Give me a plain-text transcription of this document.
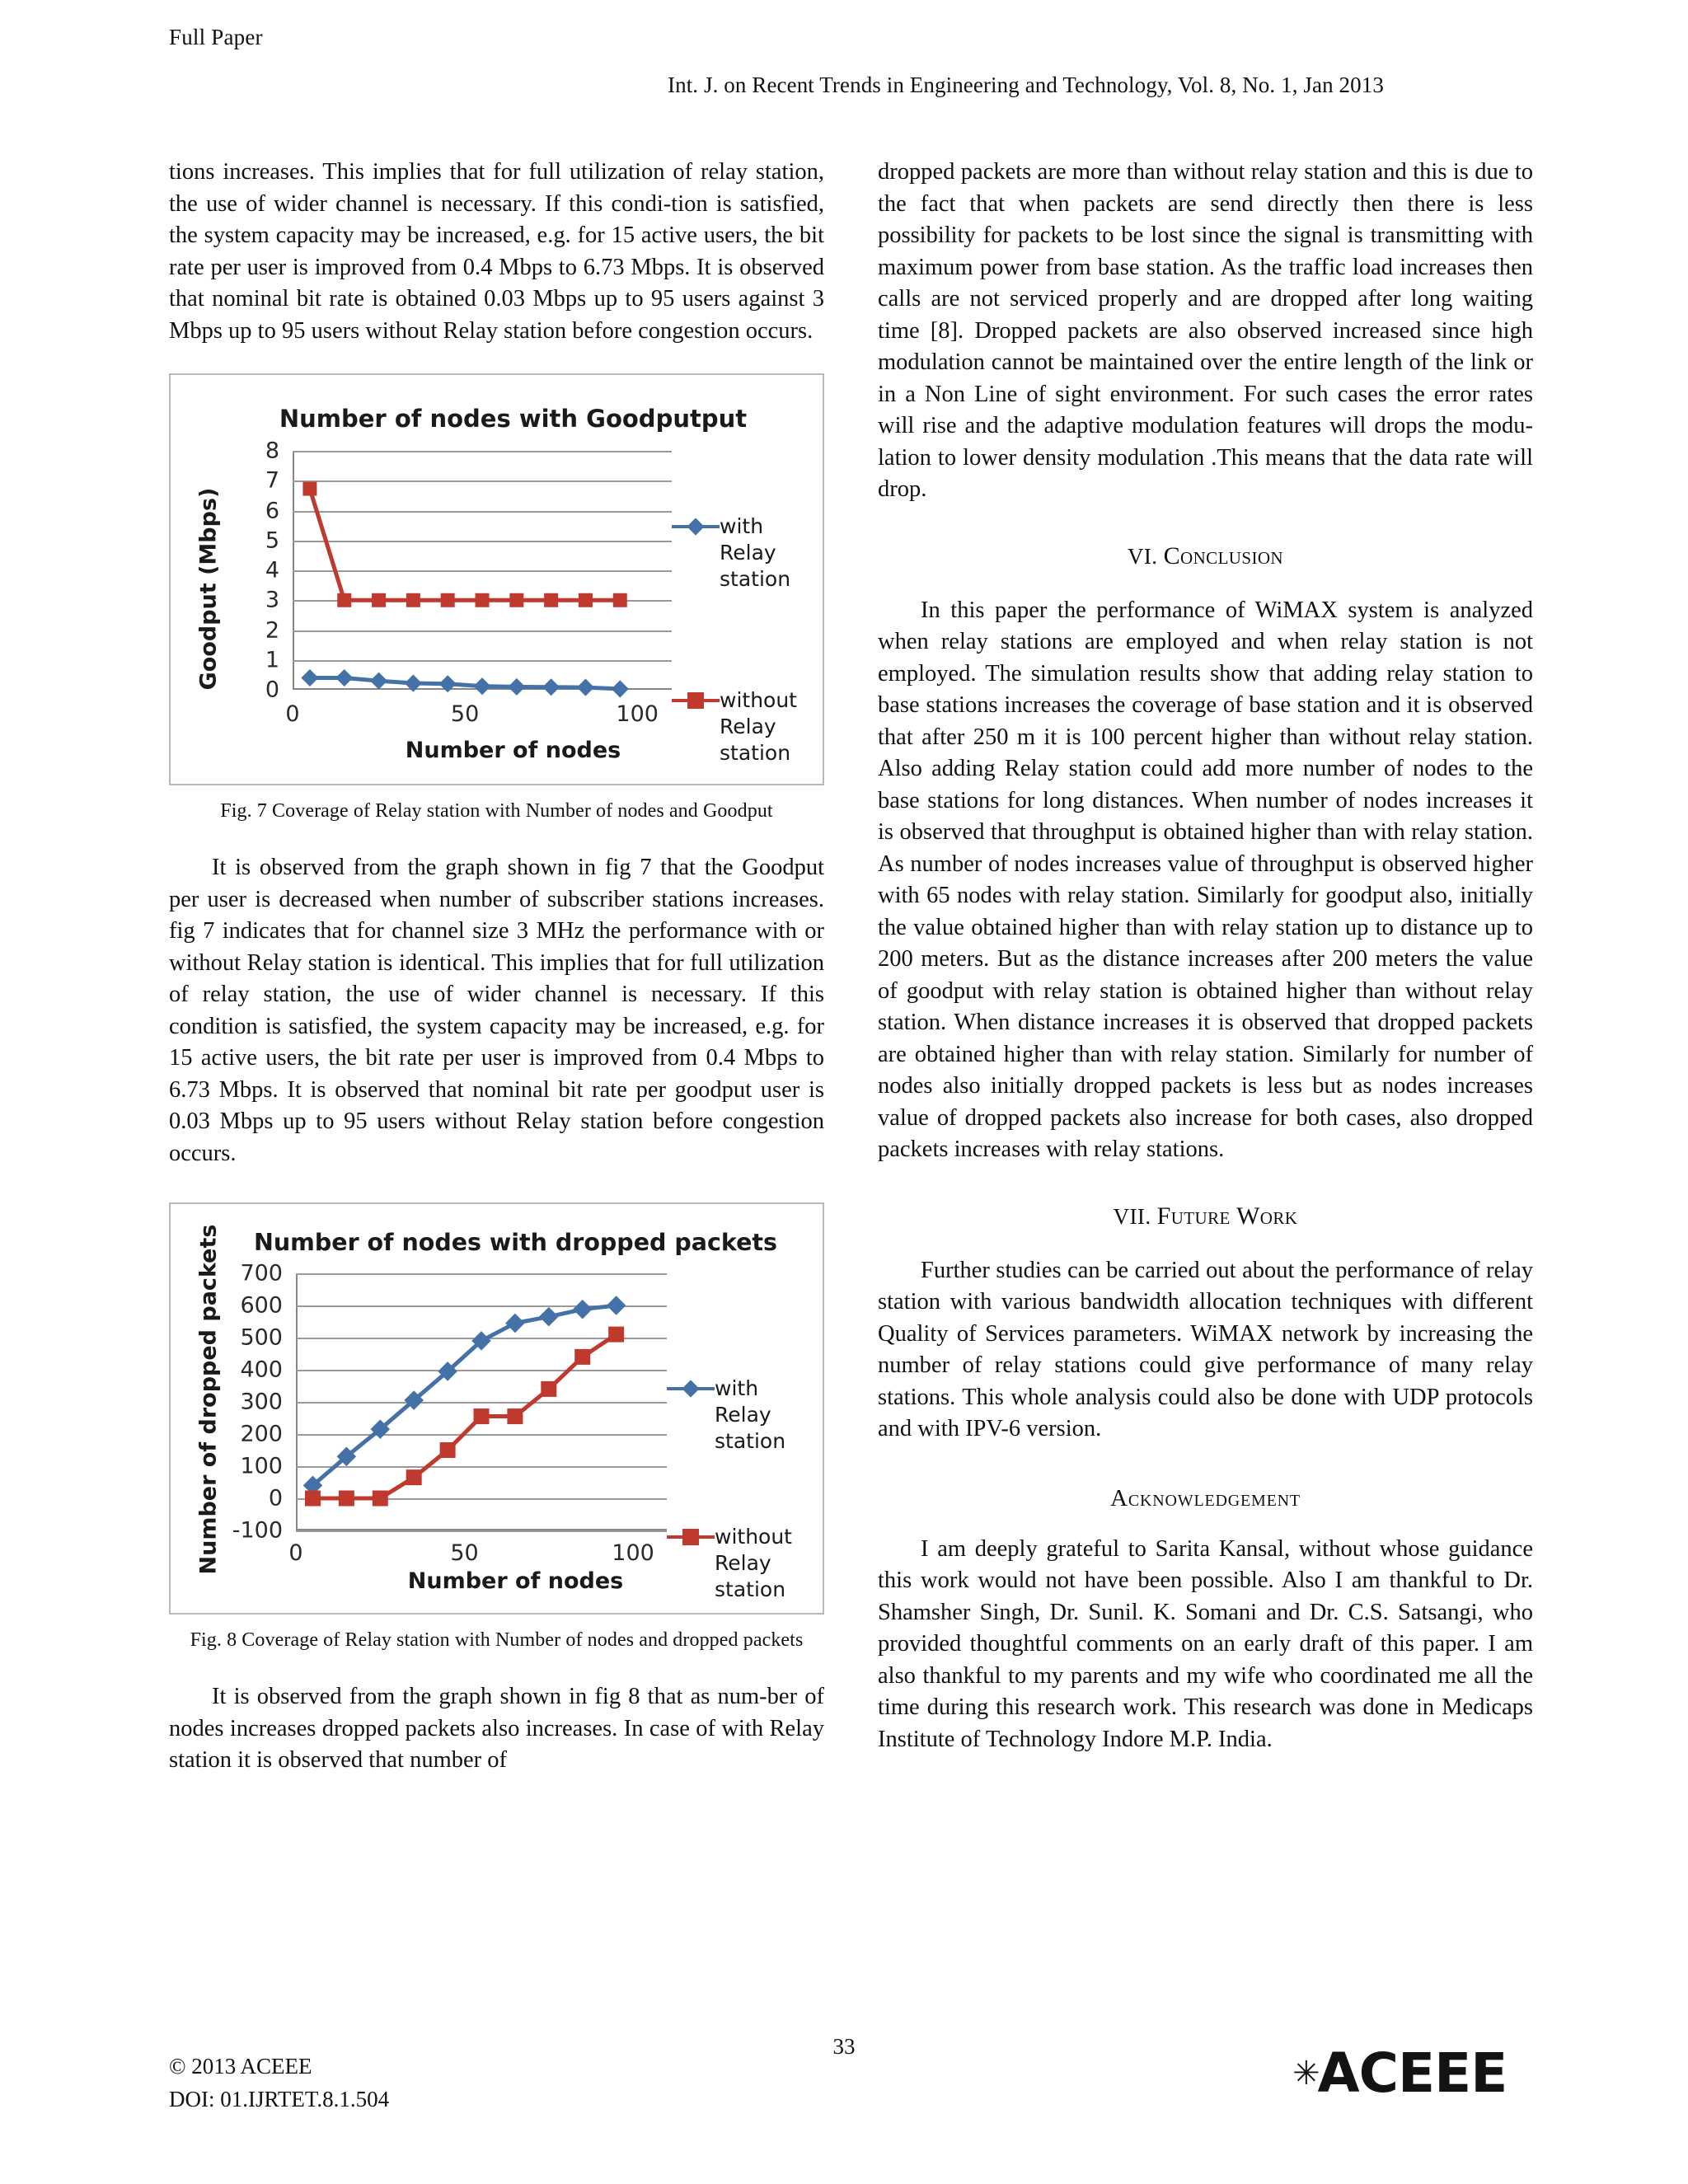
Full Paper
Int. J. on Recent Trends in Engineering and Technology, Vol. 8, No. 1, Jan 2013

tions increases. This implies that for full utilization of relay station, the use of wider channel is necessary. If this condi-tion is satisfied, the system capacity may be increased, e.g. for 15 active users, the bit rate per user is improved from 0.4 Mbps to 6.73 Mbps. It is observed that nominal bit rate is obtained 0.03 Mbps up to 95 users against 3 Mbps up to 95 users without Relay station before congestion occurs.

Number of nodes with Goodputput
Goodput (Mbps)
Number of nodes
0
1
2
3
4
5
6
7
8
0	50	100
with Relay station
without Relay station
Fig. 7 Coverage of Relay station with Number of nodes and Goodput

It is observed from the graph shown in fig 7 that the Goodput per user is decreased when number of subscriber stations increases. fig 7 indicates that for channel size 3 MHz the performance with or without Relay station is identical. This implies that for full utilization of relay station, the use of wider channel is necessary. If this condition is satisfied, the system capacity may be increased, e.g. for 15 active users, the bit rate per user is improved from 0.4 Mbps to 6.73 Mbps. It is observed that nominal bit rate per goodput user is 0.03 Mbps up to 95 users without Relay station before congestion occurs.

Number of nodes with dropped packets
Number of dropped packets
Number of nodes
-100
0
100
200
300
400
500
600
700
0	50	100
with Relay station
without Relay station
Fig. 8 Coverage of Relay station with Number of nodes and dropped packets

It is observed from the graph shown in fig 8 that as num-ber of nodes increases dropped packets also increases. In case of with Relay station it is observed that number of

dropped packets are more than without relay station and this is due to the fact that when packets are send directly then there is less possibility for packets to be lost since the signal is transmitting with maximum power from base station. As the traffic load increases then calls are not serviced properly and are dropped after long waiting time [8]. Dropped packets are also observed increased since high modulation cannot be maintained over the entire length of the link or in a Non Line of sight environment. For such cases the error rates will rise and the adaptive modulation features will drops the modu-lation to lower density modulation .This means that the data rate will drop.

VI. Conclusion

In this paper the performance of WiMAX system is analyzed when relay stations are employed and when relay station is not employed. The simulation results show that adding relay station to base stations increases the coverage of base station and it is observed that after 250 m it is 100 percent higher than without relay station. Also adding Relay station could add more number of nodes to the base stations for long distances. When number of nodes increases it is observed that throughput is obtained higher than with relay station. As number of nodes increases value of throughput is observed higher with 65 nodes with relay station. Similarly for goodput also, initially the value obtained higher than with relay station up to distance up to 200 meters. But as the distance increases after 200 meters the value of goodput with relay station is obtained higher than without relay station. When distance increases it is observed that dropped packets are obtained higher than with relay station. Similarly for number of nodes also initially dropped packets is less but as nodes increases value of dropped packets also increase for both cases, also dropped packets increases with relay stations.

VII. Future Work

Further studies can be carried out about the performance of relay station with various bandwidth allocation techniques with different Quality of Services parameters. WiMAX network by increasing the number of relay stations could give performance of many relay stations. This whole analysis could also be done with UDP protocols and with IPV-6 version.

Acknowledgement

I am deeply grateful to Sarita Kansal, without whose guidance this work would not have been possible. Also I am thankful to Dr. Shamsher Singh, Dr. Sunil. K. Somani and Dr. C.S. Satsangi, who provided thoughtful comments on an early draft of this paper. I am also thankful to my parents and my wife who coordinated me all the time during this research work. This research was done in Medicaps Institute of Technology Indore M.P. India.

© 2013 ACEEE
DOI: 01.IJRTET.8.1.504
33
✳
ACEEE
